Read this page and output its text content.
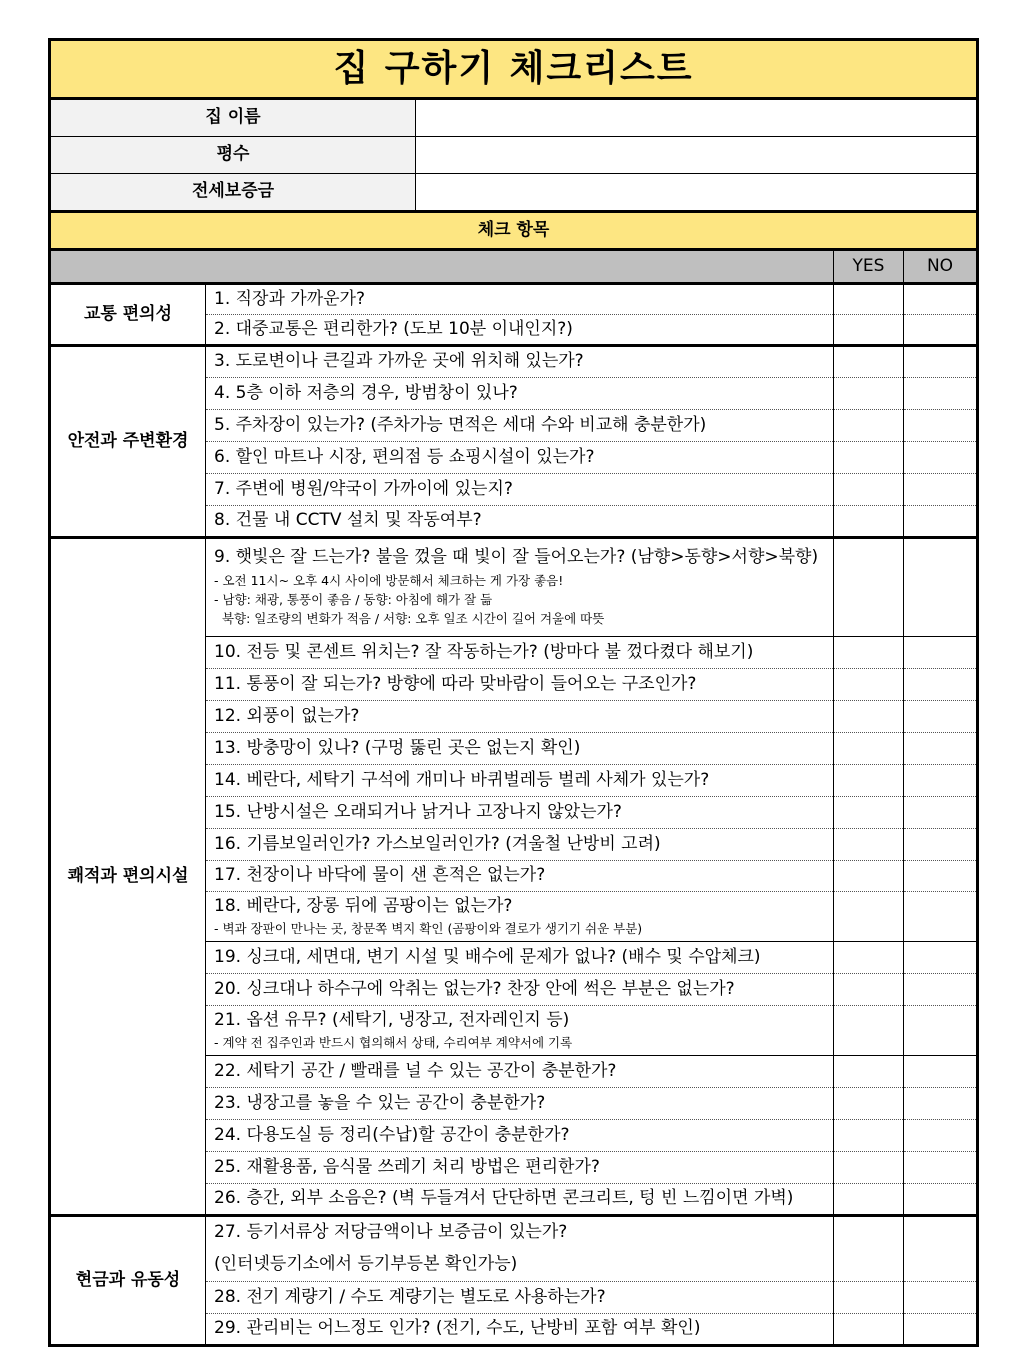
집 구하기 체크리스트				
집 이름				
평수				
전세보증금				
체크 항목				
			YES	NO
교통 편의성	1. 직장과 가까운가?			
	2. 대중교통은 편리한가? (도보 10분 이내인지?)			
안전과 주변환경	3. 도로변이나 큰길과 가까운 곳에 위치해 있는가?			
	4. 5층 이하 저층의 경우, 방범창이 있나?			
	5. 주차장이 있는가? (주차가능 면적은 세대 수와 비교해 충분한가)			
	6. 할인 마트나 시장, 편의점 등 쇼핑시설이 있는가?			
	7. 주변에 병원/약국이 가까이에 있는지?			
	8. 건물 내 CCTV 설치 및 작동여부?			
쾌적과 편의시설	9. 햇빛은 잘 드는가? 불을 껐을 때 빛이 잘 들어오는가? (남향>동향>서향>북향)
- 오전 11시~ 오후 4시 사이에 방문해서 체크하는 게 가장 좋음!
- 남향: 채광, 통풍이 좋음 / 동향: 아침에 해가 잘 듦
북향: 일조량의 변화가 적음 / 서향: 오후 일조 시간이 길어 겨울에 따뜻			

	10. 전등 및 콘센트 위치는? 잘 작동하는가? (방마다 불 껐다켰다 해보기)			
	11. 통풍이 잘 되는가? 방향에 따라 맞바람이 들어오는 구조인가?			
	12. 외풍이 없는가?			
	13. 방충망이 있나? (구멍 뚫린 곳은 없는지 확인)			
	14. 베란다, 세탁기 구석에 개미나 바퀴벌레등 벌레 사체가 있는가?			
	15. 난방시설은 오래되거나 낡거나 고장나지 않았는가?			
	16. 기름보일러인가? 가스보일러인가? (겨울철 난방비 고려)			
	17. 천장이나 바닥에 물이 샌 흔적은 없는가?			
	18. 베란다, 장롱 뒤에 곰팡이는 없는가?
- 벽과 장판이 만나는 곳, 창문쪽 벽지 확인 (곰팡이와 결로가 생기기 쉬운 부분)			

	19. 싱크대, 세면대, 변기 시설 및 배수에 문제가 없나? (배수 및 수압체크)			
	20. 싱크대나 하수구에 악취는 없는가? 찬장 안에 썩은 부분은 없는가?			
	21. 옵션 유무? (세탁기, 냉장고, 전자레인지 등)
- 계약 전 집주인과 반드시 협의해서 상태, 수리여부 계약서에 기록			

	22. 세탁기 공간 / 빨래를 널 수 있는 공간이 충분한가?			
	23. 냉장고를 놓을 수 있는 공간이 충분한가?			
	24. 다용도실 등 정리(수납)할 공간이 충분한가?			
	25. 재활용품, 음식물 쓰레기 처리 방법은 편리한가?			
	26. 층간, 외부 소음은? (벽 두들겨서 단단하면 콘크리트, 텅 빈 느낌이면 가벽)			
현금과 유동성	27. 등기서류상 저당금액이나 보증금이 있는가?			
	(인터넷등기소에서 등기부등본 확인가능)			
	28. 전기 계량기 / 수도 계량기는 별도로 사용하는가?			
	29. 관리비는 어느정도 인가? (전기, 수도, 난방비 포함 여부 확인)			
